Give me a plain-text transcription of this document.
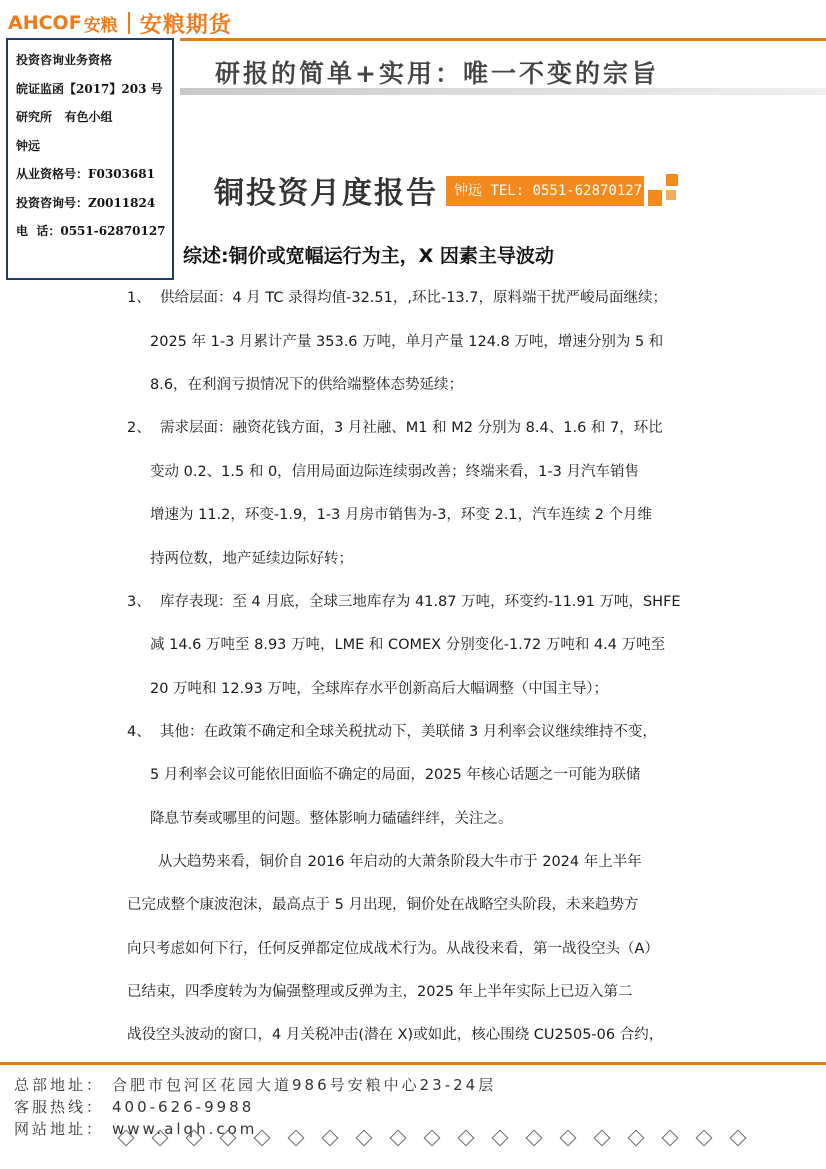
AHCOF 安粮 安粮期货
研报的简单+实用：唯一不变的宗旨
投资咨询业务资格
皖证监函【2017】203 号
研究所   有色小组
钟远
从业资格号：F0303681
投资咨询号：Z0011824
电  话：0551-62870127
铜投资月度报告	钟远 TEL: 0551-62870127
综述:铜价或宽幅运行为主，X 因素主导波动
1、  供给层面：4 月 TC 录得均值-32.51，,环比-13.7，原料端干扰严峻局面继续；
2025 年 1-3 月累计产量 353.6 万吨，单月产量 124.8 万吨，增速分别为 5 和
8.6，在利润亏损情况下的供给端整体态势延续；
2、  需求层面：融资花钱方面，3 月社融、M1 和 M2 分别为 8.4、1.6 和 7，环比
变动 0.2、1.5 和 0，信用局面边际连续弱改善；终端来看，1-3 月汽车销售
增速为 11.2，环变-1.9，1-3 月房市销售为-3，环变 2.1，汽车连续 2 个月维
持两位数，地产延续边际好转；
3、  库存表现：至 4 月底，全球三地库存为 41.87 万吨，环变约-11.91 万吨，SHFE
减 14.6 万吨至 8.93 万吨，LME 和 COMEX 分别变化-1.72 万吨和 4.4 万吨至
20 万吨和 12.93 万吨，全球库存水平创新高后大幅调整（中国主导）；
4、  其他：在政策不确定和全球关税扰动下，美联储 3 月利率会议继续维持不变，
5 月利率会议可能依旧面临不确定的局面，2025 年核心话题之一可能为联储
降息节奏或哪里的问题。整体影响力磕磕绊绊，关注之。
从大趋势来看，铜价自 2016 年启动的大萧条阶段大牛市于 2024 年上半年
已完成整个康波泡沫，最高点于 5 月出现，铜价处在战略空头阶段，未来趋势方
向只考虑如何下行，任何反弹都定位成战术行为。从战役来看，第一战役空头（A）
已结束，四季度转为为偏强整理或反弹为主，2025 年上半年实际上已迈入第二
战役空头波动的窗口，4 月关税冲击(潜在 X)或如此，核心围绕 CU2505-06 合约，
总部地址： 合肥市包河区花园大道986号安粮中心23-24层
客服热线： 400-626-9988
网站地址： www.alqh.com
